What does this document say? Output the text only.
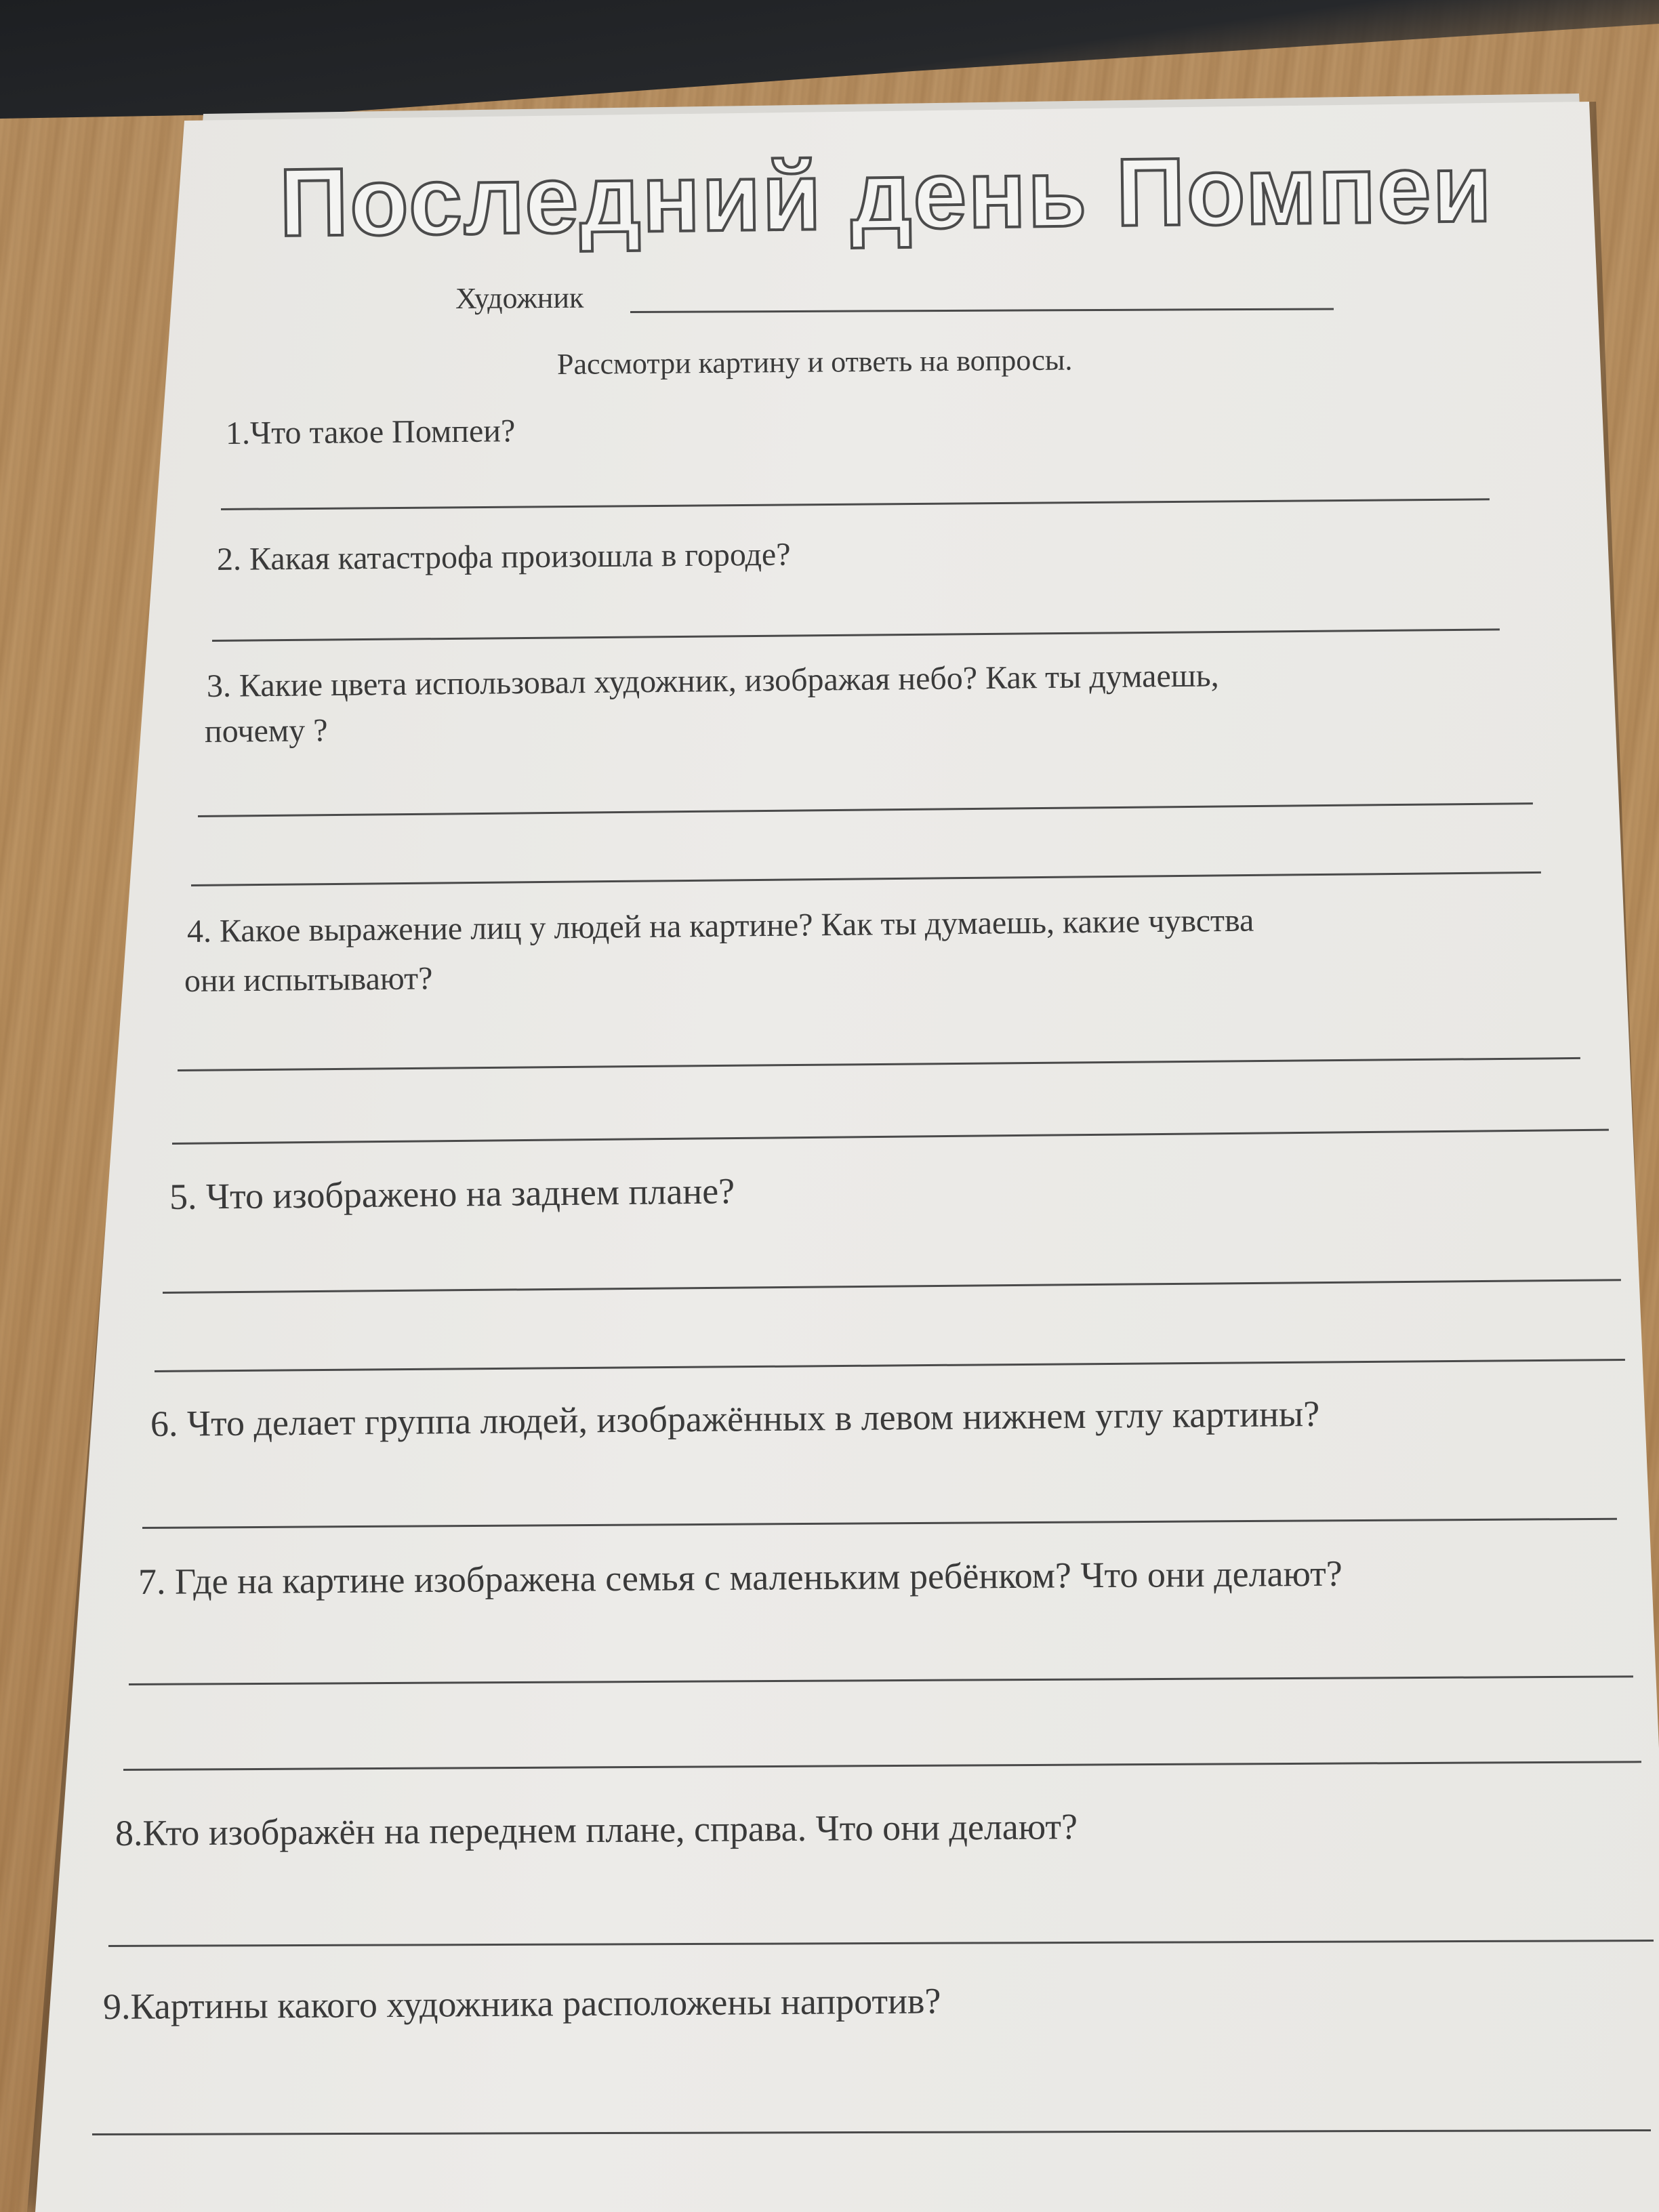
Последний день Помпеи
Художник
Рассмотри картину и ответь на вопросы.
1.Что такое Помпеи?
2. Какая катастрофа произошла в городе?
3. Какие цвета использовал художник, изображая небо? Как ты думаешь,
почему ?
4. Какое выражение лиц у людей на картине? Как ты думаешь, какие чувства
они испытывают?
5. Что изображено на заднем плане?
6. Что делает группа людей, изображённых в левом нижнем углу картины?
7. Где на картине изображена семья с маленьким ребёнком? Что они делают?
8.Кто изображён на переднем плане, справа. Что они делают?
9.Картины какого художника расположены напротив?
